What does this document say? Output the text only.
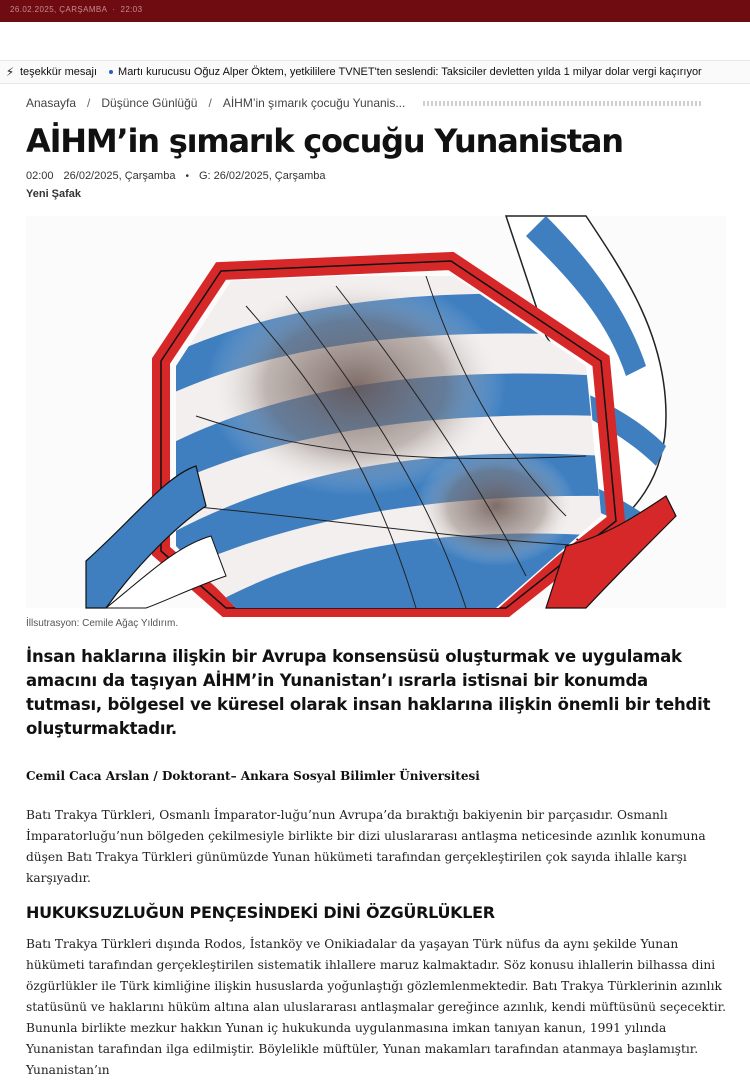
26.02.2025, ÇARŞAMBA · 22:03
⚡ teşekkür mesajı Martı kurucusu Oğuz Alper Öktem, yetkililere TVNET'ten seslendi: Taksiciler devletten yılda 1 milyar dolar vergi kaçırıyor
Anasayfa / Düşünce Günlüğü / AİHM’in şımarık çocuğu Yunanis...
AİHM’in şımarık çocuğu Yunanistan
02:00 26/02/2025, Çarşamba • G: 26/02/2025, Çarşamba
Yeni Şafak
İllsutrasyon: Cemile Ağaç Yıldırım.

İnsan haklarına ilişkin bir Avrupa konsensüsü oluşturmak ve uygulamak amacını da taşıyan AİHM’in Yunanistan’ı ısrarla istisnai bir konumda tutması, bölgesel ve küresel olarak insan haklarına ilişkin önemli bir tehdit oluşturmaktadır.

Cemil Caca Arslan / Doktorant– Ankara Sosyal Bilimler Üniversitesi

Batı Trakya Türkleri, Osmanlı İmparator-luğu’nun Avrupa’da bıraktığı bakiyenin bir parçasıdır. Osmanlı İmparatorluğu’nun bölgeden çekilmesiyle birlikte bir dizi uluslararası antlaşma neticesinde azınlık konumuna düşen Batı Trakya Türkleri günümüzde Yunan hükümeti tarafından gerçekleştirilen çok sayıda ihlalle karşı karşıyadır.

HUKUKSUZLUĞUN PENÇESİNDEKİ DİNİ ÖZGÜRLÜKLER

Batı Trakya Türkleri dışında Rodos, İstanköy ve Onikiadalar da yaşayan Türk nüfus da aynı şekilde Yunan hükümeti tarafından gerçekleştirilen sistematik ihlallere maruz kalmaktadır. Söz konusu ihlallerin bilhassa dini özgürlükler ile Türk kimliğine ilişkin hususlarda yoğunlaştığı gözlemlenmektedir. Batı Trakya Türklerinin azınlık statüsünü ve haklarını hüküm altına alan uluslararası antlaşmalar gereğince azınlık, kendi müftüsünü seçecektir. Bununla birlikte mezkur hakkın Yunan iç hukukunda uygulanmasına imkan tanıyan kanun, 1991 yılında Yunanistan tarafından ilga edilmiştir. Böylelikle müftüler, Yunan makamları tarafından atanmaya başlamıştır. Yunanistan’ın
